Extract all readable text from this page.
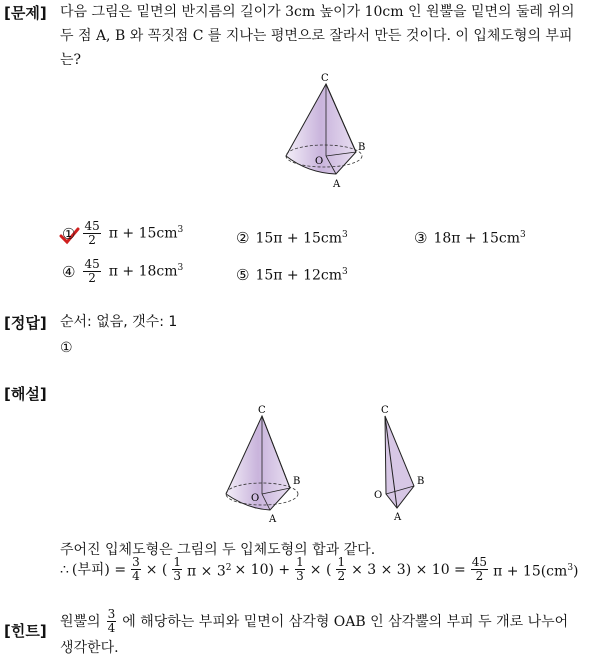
[문제] 다음 그림은 밑면의 반지름의 길이가 3cm 높이가 10cm 인 원뿔을 밑면의 둘레 위의 두 점 A, B 와 꼭짓점 C 를 지나는 평면으로 잘라서 만든 것이다. 이 입체도형의 부피는?
C
B
O
A
① $\frac{45}{2}$ $\pi + 15cm^3$	② $15\pi + 15cm^3$	③ $18\pi + 15cm^3$
④ $\frac{45}{2}$ $\pi + 18cm^3$	⑤ $15\pi + 12cm^3$
[정답] 순서: 없음, 갯수: 1
①
[해설]
C
B
O
A
C
B
O
A
주어진 입체도형은 그림의 두 입체도형의 합과 같다.
∴ (부피) = $\frac{3}{4}$ × ( $\frac{1}{3}$ $\pi \times 3^2 \times 10) + \frac{1}{3}$ × ( $\frac{1}{2} \times 3 \times 3) \times 10 = \frac{45}{2}$ $\pi + 15(cm^3)$
[힌트]
원뿔의 $\frac{3}{4}$ 에 해당하는 부피와 밑면이 삼각형 OAB 인 삼각뿔의 부피 두 개로 나누어
생각한다.
